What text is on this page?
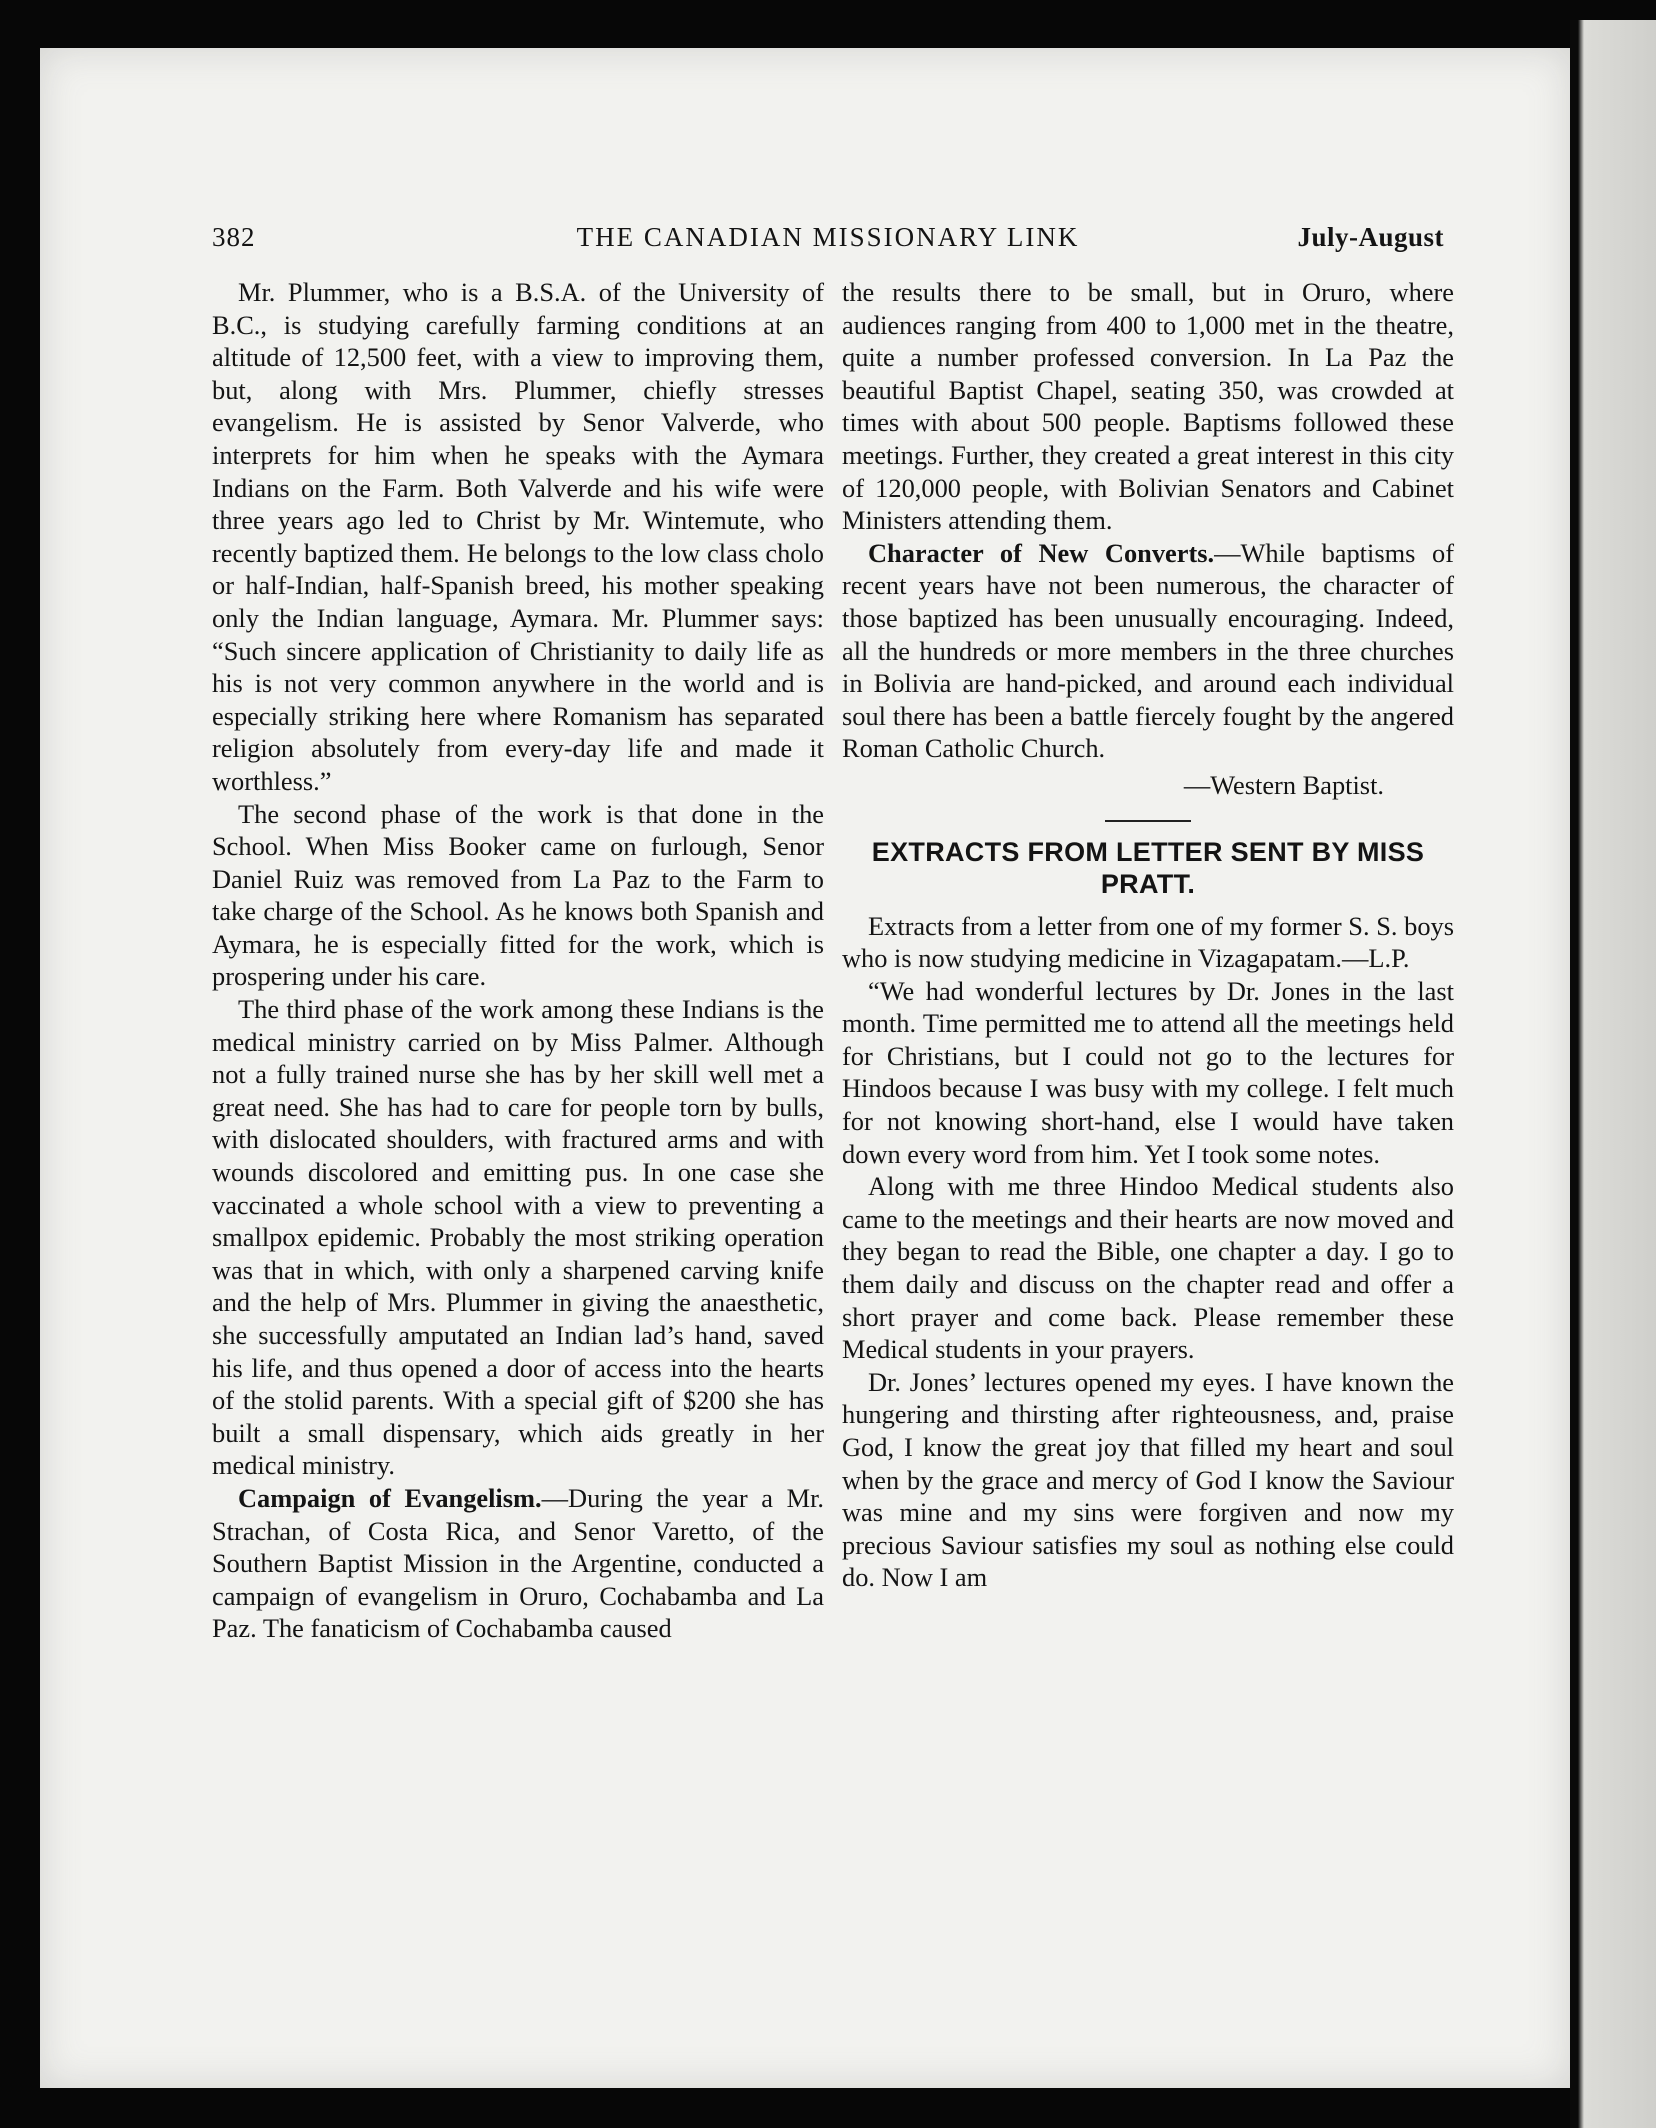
382	THE CANADIAN MISSIONARY LINK	July-August

Mr. Plummer, who is a B.S.A. of the University of B.C., is studying carefully farming conditions at an altitude of 12,500 feet, with a view to improving them, but, along with Mrs. Plummer, chiefly stresses evangelism. He is assisted by Senor Valverde, who interprets for him when he speaks with the Aymara Indians on the Farm. Both Valverde and his wife were three years ago led to Christ by Mr. Wintemute, who recently baptized them. He belongs to the low class cholo or half-Indian, half-Spanish breed, his mother speaking only the Indian language, Aymara. Mr. Plummer says: “Such sincere application of Christianity to daily life as his is not very common anywhere in the world and is especially striking here where Romanism has separated religion absolutely from every-day life and made it worthless.”

The second phase of the work is that done in the School. When Miss Booker came on furlough, Senor Daniel Ruiz was removed from La Paz to the Farm to take charge of the School. As he knows both Spanish and Aymara, he is especially fitted for the work, which is prospering under his care.

The third phase of the work among these Indians is the medical ministry carried on by Miss Palmer. Although not a fully trained nurse she has by her skill well met a great need. She has had to care for people torn by bulls, with dislocated shoulders, with fractured arms and with wounds discolored and emitting pus. In one case she vaccinated a whole school with a view to preventing a smallpox epidemic. Probably the most striking operation was that in which, with only a sharpened carving knife and the help of Mrs. Plummer in giving the anaesthetic, she successfully amputated an Indian lad’s hand, saved his life, and thus opened a door of access into the hearts of the stolid parents. With a special gift of $200 she has built a small dispensary, which aids greatly in her medical ministry.

Campaign of Evangelism.—During the year a Mr. Strachan, of Costa Rica, and Senor Varetto, of the Southern Baptist Mission in the Argentine, conducted a campaign of evangelism in Oruro, Cochabamba and La Paz. The fanaticism of Cochabamba caused

the results there to be small, but in Oruro, where audiences ranging from 400 to 1,000 met in the theatre, quite a number professed conversion. In La Paz the beautiful Baptist Chapel, seating 350, was crowded at times with about 500 people. Baptisms followed these meetings. Further, they created a great interest in this city of 120,000 people, with Bolivian Senators and Cabinet Ministers attending them.

Character of New Converts.—While baptisms of recent years have not been numerous, the character of those baptized has been unusually encouraging. Indeed, all the hundreds or more members in the three churches in Bolivia are hand-picked, and around each individual soul there has been a battle fiercely fought by the angered Roman Catholic Church.

—Western Baptist.

EXTRACTS FROM LETTER SENT BY MISS PRATT.

Extracts from a letter from one of my former S. S. boys who is now studying medicine in Vizagapatam.—L.P.

“We had wonderful lectures by Dr. Jones in the last month. Time permitted me to attend all the meetings held for Christians, but I could not go to the lectures for Hindoos because I was busy with my college. I felt much for not knowing short-hand, else I would have taken down every word from him. Yet I took some notes.

Along with me three Hindoo Medical students also came to the meetings and their hearts are now moved and they began to read the Bible, one chapter a day. I go to them daily and discuss on the chapter read and offer a short prayer and come back. Please remember these Medical students in your prayers.

Dr. Jones’ lectures opened my eyes. I have known the hungering and thirsting after righteousness, and, praise God, I know the great joy that filled my heart and soul when by the grace and mercy of God I know the Saviour was mine and my sins were forgiven and now my precious Saviour satisfies my soul as nothing else could do. Now I am
